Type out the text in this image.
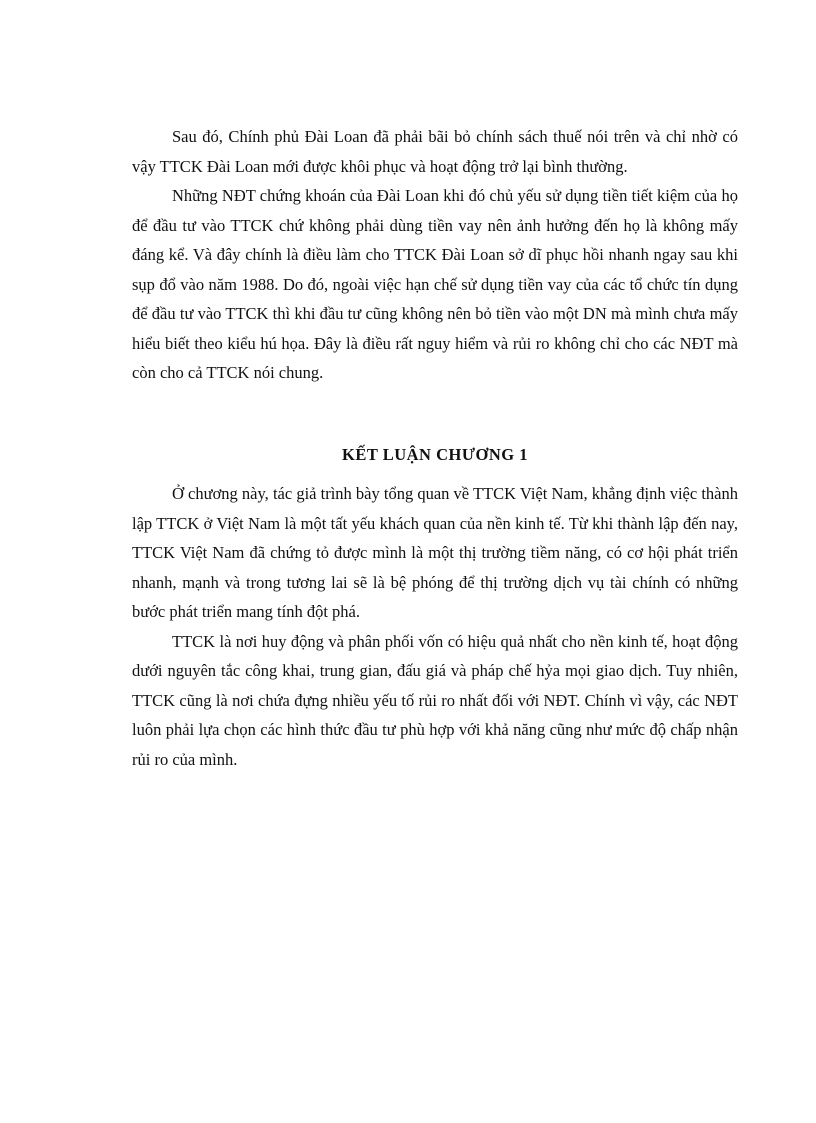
Sau đó, Chính phủ Đài Loan đã phải bãi bỏ chính sách thuế nói trên và chỉ nhờ có vậy TTCK Đài Loan mới được khôi phục và hoạt động trở lại bình thường.

Những NĐT chứng khoán của Đài Loan khi đó chủ yếu sử dụng tiền tiết kiệm của họ để đầu tư vào TTCK chứ không phải dùng tiền vay nên ảnh hưởng đến họ là không mấy đáng kể. Và đây chính là điều làm cho TTCK Đài Loan sở dĩ phục hồi nhanh ngay sau khi sụp đổ vào năm 1988. Do đó, ngoài việc hạn chế sử dụng tiền vay của các tổ chức tín dụng để đầu tư vào TTCK thì khi đầu tư cũng không nên bỏ tiền vào một DN mà mình chưa mấy hiểu biết theo kiểu hú họa. Đây là điều rất nguy hiểm và rủi ro không chỉ cho các NĐT mà còn cho cả TTCK nói chung.

KẾT LUẬN CHƯƠNG 1

Ở chương này, tác giả trình bày tổng quan về TTCK Việt Nam, khẳng định việc thành lập TTCK ở Việt Nam là một tất yếu khách quan của nền kinh tế. Từ khi thành lập đến nay, TTCK Việt Nam đã chứng tỏ được mình là một thị trường tiềm năng, có cơ hội phát triển nhanh, mạnh và trong tương lai sẽ là bệ phóng để thị trường dịch vụ tài chính có những bước phát triển mang tính đột phá.

TTCK là nơi huy động và phân phối vốn có hiệu quả nhất cho nền kinh tế, hoạt động dưới nguyên tắc công khai, trung gian, đấu giá và pháp chế hỷa mọi giao dịch. Tuy nhiên, TTCK cũng là nơi chứa đựng nhiều yếu tố rủi ro nhất đối với NĐT. Chính vì vậy, các NĐT luôn phải lựa chọn các hình thức đầu tư phù hợp với khả năng cũng như mức độ chấp nhận rủi ro của mình.
